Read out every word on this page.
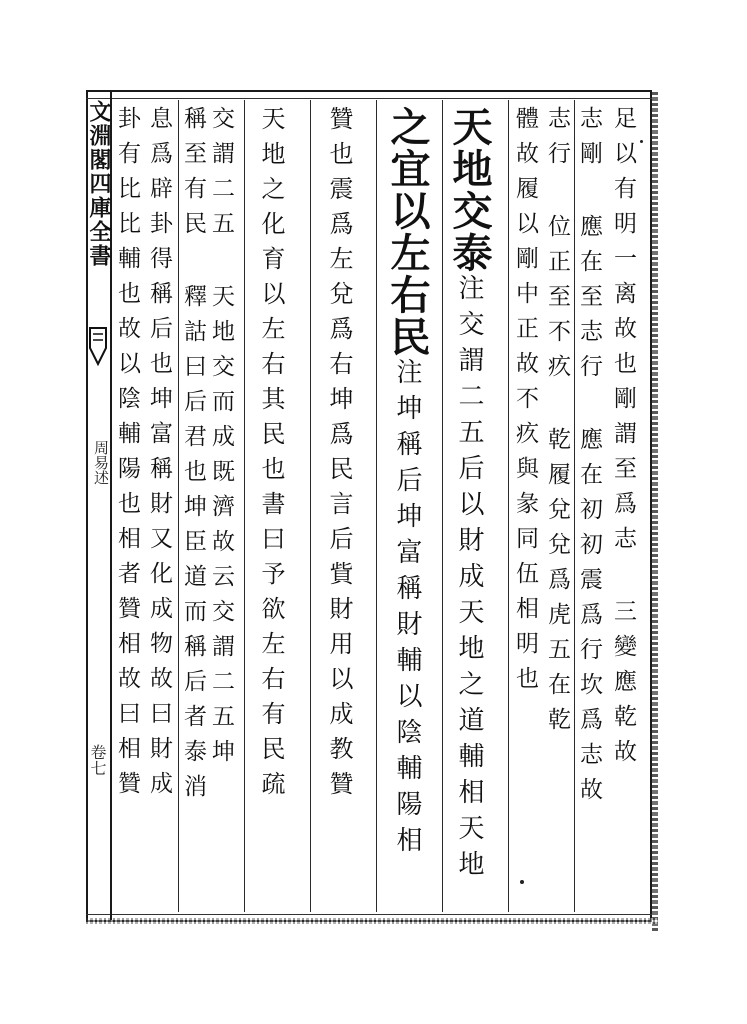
文淵閣四庫全書
周易述
卷七	足以有明一离故也剛謂至爲志 三變應乾故
志剛 應在至志行 應在初初震爲行坎爲志故
志行 位正至不疚 乾履兌兌爲虎五在乾
體故履以剛中正故不疚與彖同伍相明也
天地交泰注交謂二五后以財成天地之道輔相天地
之宜以左右民注坤稱后坤富稱財輔以陰輔陽相
贊也震爲左兌爲右坤爲民言后貲財用以成教贊
天地之化育以左右其民也書曰予欲左右有民疏
交謂二五 天地交而成既濟故云交謂二五坤
稱至有民 釋詁曰后君也坤臣道而稱后者泰消
息爲辟卦得稱后也坤富稱財又化成物故曰財成
卦有比比輔也故以陰輔陽也相者贊相故曰相贊
